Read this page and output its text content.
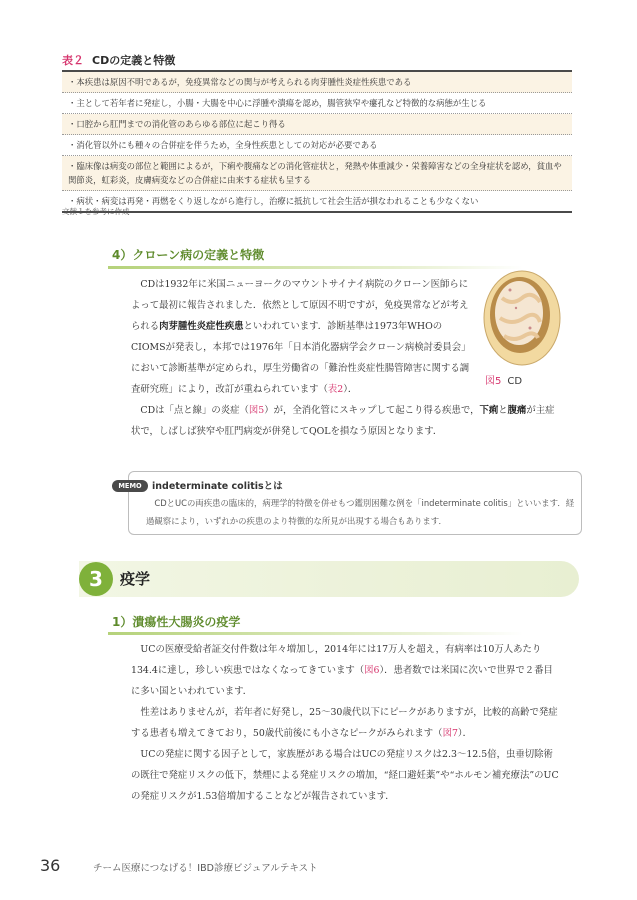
表２ CDの定義と特徴
・本疾患は原因不明であるが，免疫異常などの関与が考えられる肉芽腫性炎症性疾患である
・主として若年者に発症し，小腸・大腸を中心に浮腫や潰瘍を認め，腸管狭窄や瘻孔など特徴的な病態が生じる
・口腔から肛門までの消化管のあらゆる部位に起こり得る
・消化管以外にも種々の合併症を伴うため，全身性疾患としての対応が必要である
・臨床像は病変の部位と範囲によるが，下痢や腹痛などの消化管症状と，発熱や体重減少・栄養障害などの全身症状を認め，貧血や関節炎，虹彩炎，皮膚病変などの合併症に由来する症状も呈する
・病状・病変は再発・再燃をくり返しながら進行し，治療に抵抗して社会生活が損なわれることも少なくない
文献１を参考に作成
4）クローン病の定義と特徴
　CDは1932年に米国ニューヨークのマウントサイナイ病院のクローン医師らによって最初に報告されました．依然として原因不明ですが，免疫異常などが考えられる肉芽腫性炎症性疾患といわれています．診断基準は1973年WHOのCIOMSが発表し，本邦では1976年「日本消化器病学会クローン病検討委員会」において診断基準が定められ，厚生労働省の「難治性炎症性腸管障害に関する調査研究班」により，改訂が重ねられています（表2）．
図5 CD
　CDは「点と線」の炎症（図5）が，全消化管にスキップして起こり得る疾患で，下痢と腹痛が主症状で，しばしば狭窄や肛門病変が併発してQOLを損なう原因となります．
MEMO	indeterminate colitisとは
　CDとUCの両疾患の臨床的，病理学的特徴を併せもつ鑑別困難な例を「indeterminate colitis」といいます．経過観察により，いずれかの疾患のより特徴的な所見が出現する場合もあります．
3	疫学
1）潰瘍性大腸炎の疫学
　UCの医療受給者証交付件数は年々増加し，2014年には17万人を超え，有病率は10万人あたり134.4に達し，珍しい疾患ではなくなってきています（図6）．患者数では米国に次いで世界で２番目に多い国といわれています．
　性差はありませんが，若年者に好発し，25～30歳代以下にピークがありますが，比較的高齢で発症する患者も増えてきており，50歳代前後にも小さなピークがみられます（図7）．
　UCの発症に関する因子として，家族歴がある場合はUCの発症リスクは2.3～12.5倍，虫垂切除術の既往で発症リスクの低下，禁煙による発症リスクの増加，“経口避妊薬”や“ホルモン補充療法”のUCの発症リスクが1.53倍増加することなどが報告されています．
36	チーム医療につなげる！IBD診療ビジュアルテキスト
